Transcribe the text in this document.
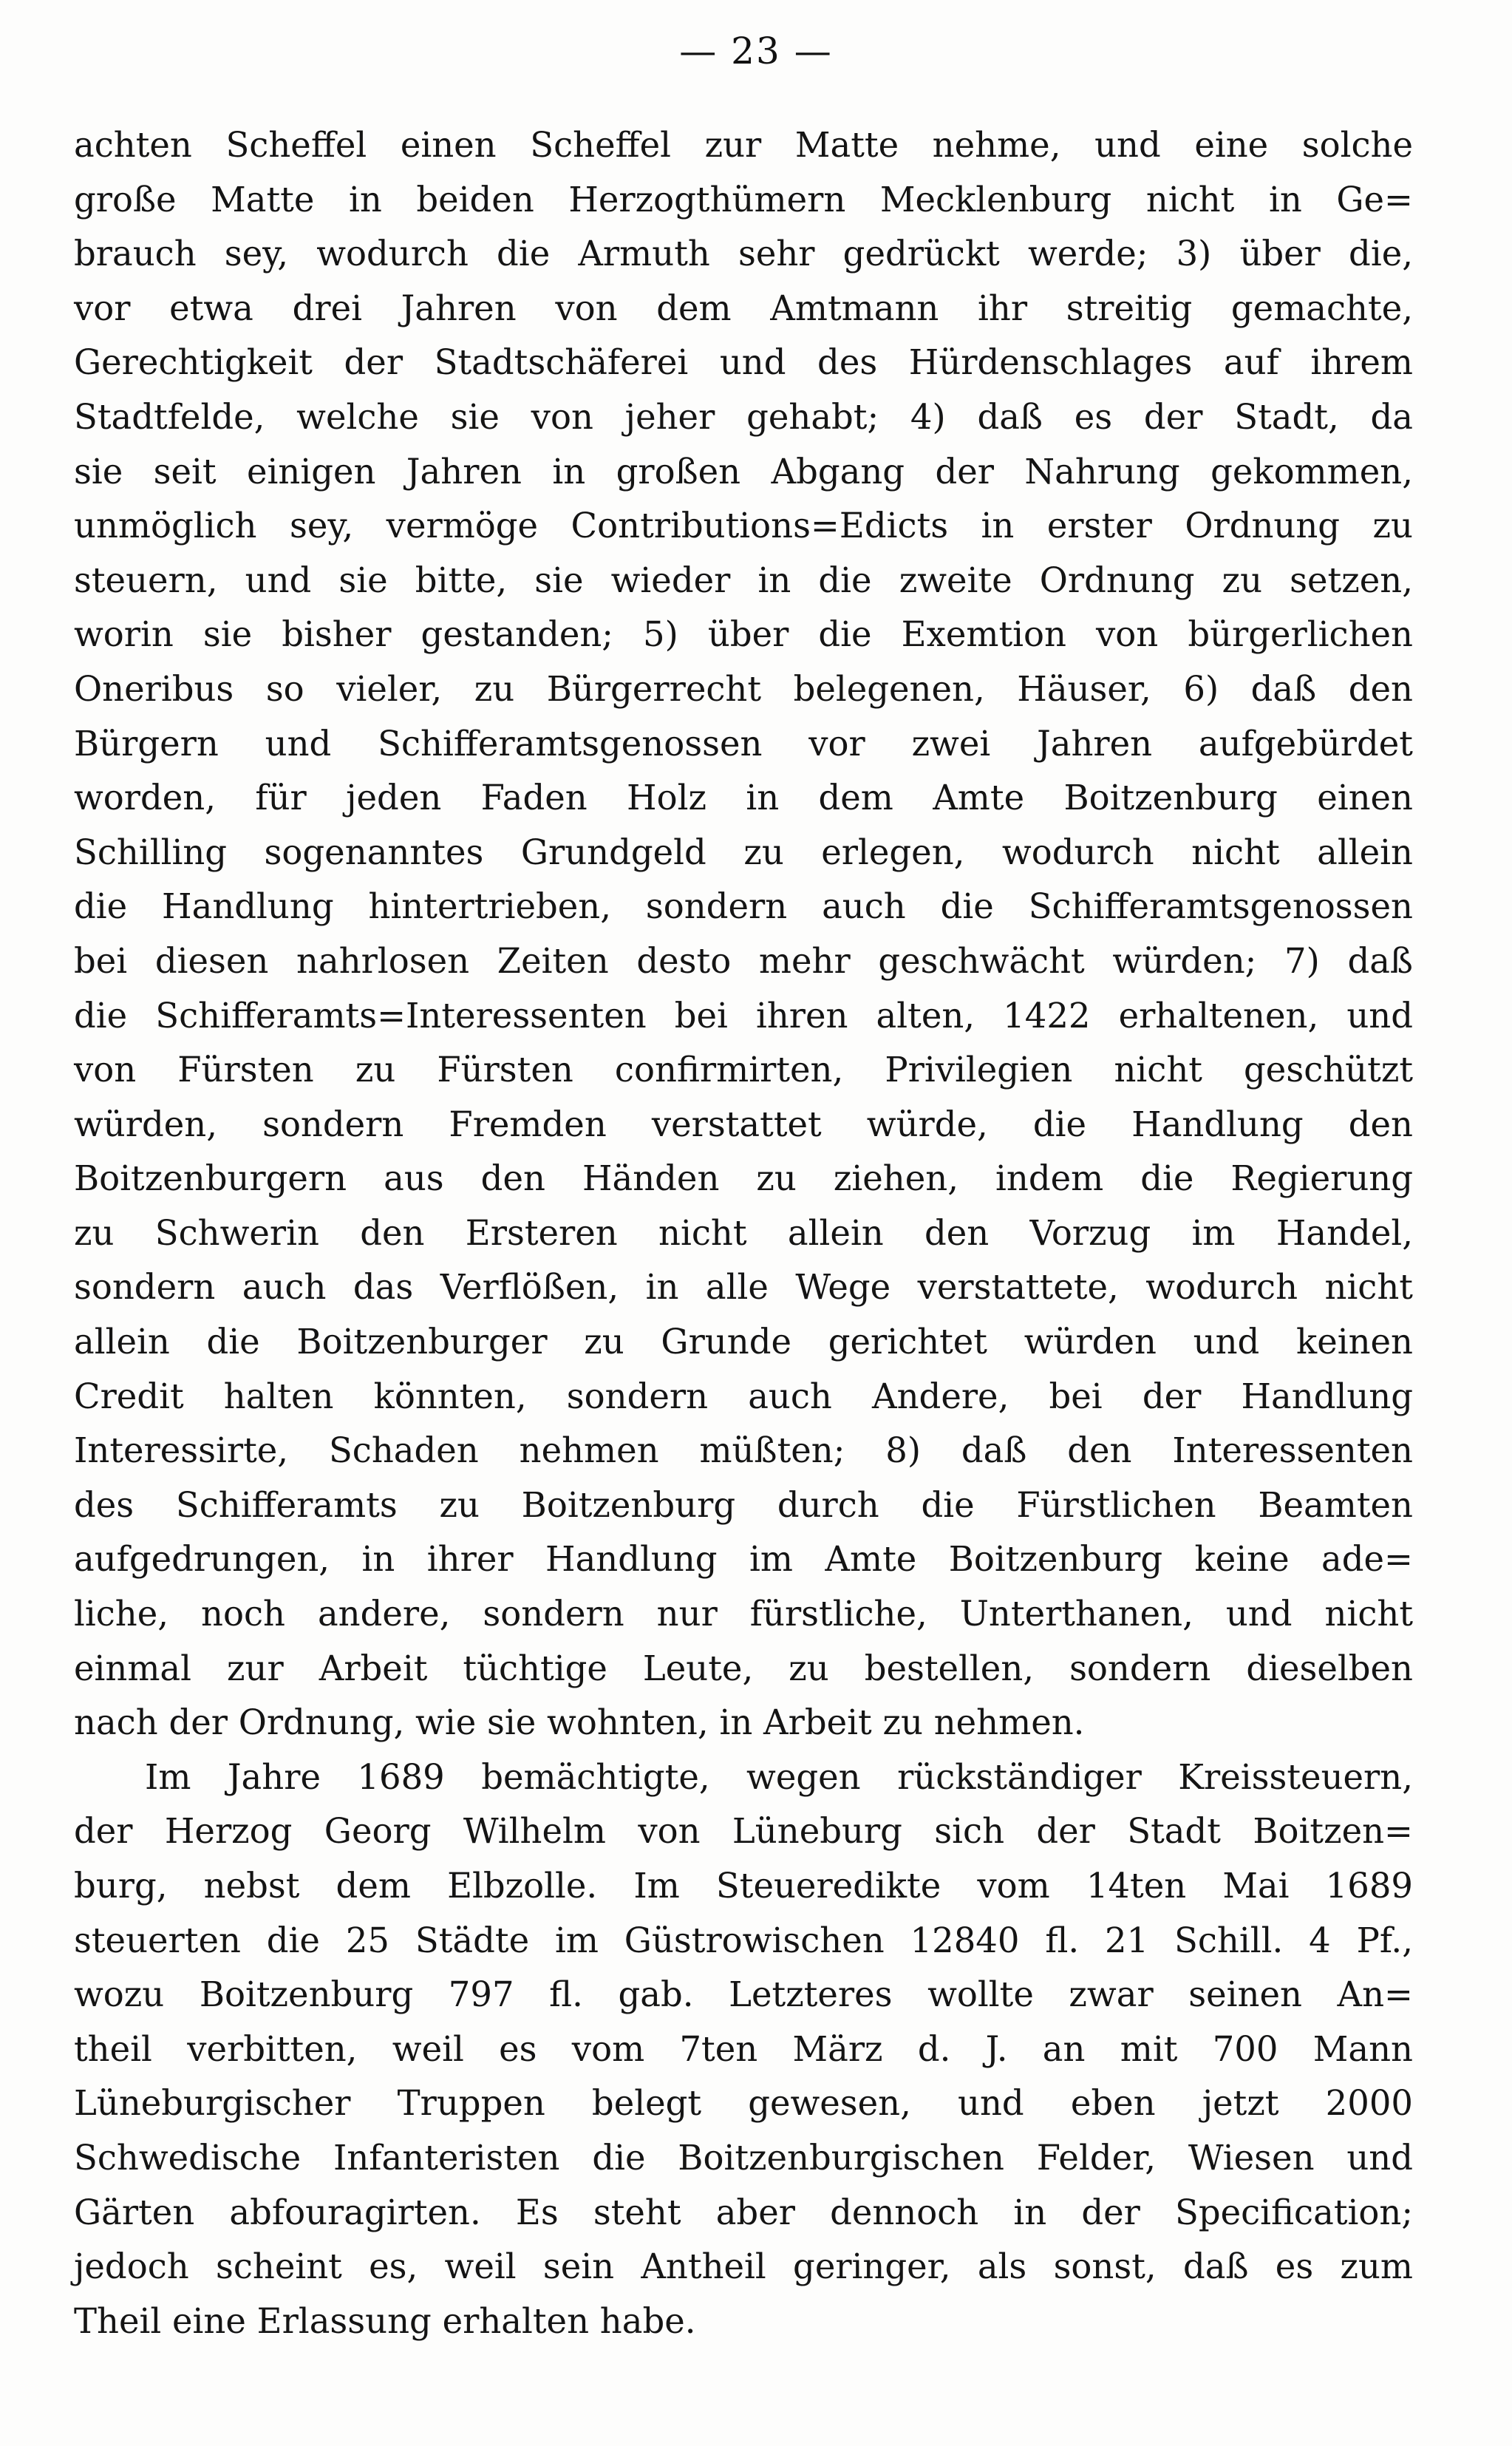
— 23 —
achten Scheffel einen Scheffel zur Matte nehme, und eine solche
große Matte in beiden Herzogthümern Mecklenburg nicht in Ge=
brauch sey, wodurch die Armuth sehr gedrückt werde; 3) über die,
vor etwa drei Jahren von dem Amtmann ihr streitig gemachte,
Gerechtigkeit der Stadtschäferei und des Hürdenschlages auf ihrem
Stadtfelde, welche sie von jeher gehabt; 4) daß es der Stadt, da
sie seit einigen Jahren in großen Abgang der Nahrung gekommen,
unmöglich sey, vermöge Contributions=Edicts in erster Ordnung zu
steuern, und sie bitte, sie wieder in die zweite Ordnung zu setzen,
worin sie bisher gestanden; 5) über die Exemtion von bürgerlichen
Oneribus so vieler, zu Bürgerrecht belegenen, Häuser, 6) daß den
Bürgern und Schifferamtsgenossen vor zwei Jahren aufgebürdet
worden, für jeden Faden Holz in dem Amte Boitzenburg einen
Schilling sogenanntes Grundgeld zu erlegen, wodurch nicht allein
die Handlung hintertrieben, sondern auch die Schifferamtsgenossen
bei diesen nahrlosen Zeiten desto mehr geschwächt würden; 7) daß
die Schifferamts=Interessenten bei ihren alten, 1422 erhaltenen, und
von Fürsten zu Fürsten confirmirten, Privilegien nicht geschützt
würden, sondern Fremden verstattet würde, die Handlung den
Boitzenburgern aus den Händen zu ziehen, indem die Regierung
zu Schwerin den Ersteren nicht allein den Vorzug im Handel,
sondern auch das Verflößen, in alle Wege verstattete, wodurch nicht
allein die Boitzenburger zu Grunde gerichtet würden und keinen
Credit halten könnten, sondern auch Andere, bei der Handlung
Interessirte, Schaden nehmen müßten; 8) daß den Interessenten
des Schifferamts zu Boitzenburg durch die Fürstlichen Beamten
aufgedrungen, in ihrer Handlung im Amte Boitzenburg keine ade=
liche, noch andere, sondern nur fürstliche, Unterthanen, und nicht
einmal zur Arbeit tüchtige Leute, zu bestellen, sondern dieselben
nach der Ordnung, wie sie wohnten, in Arbeit zu nehmen.
Im Jahre 1689 bemächtigte, wegen rückständiger Kreissteuern,
der Herzog Georg Wilhelm von Lüneburg sich der Stadt Boitzen=
burg, nebst dem Elbzolle. Im Steueredikte vom 14ten Mai 1689
steuerten die 25 Städte im Güstrowischen 12840 fl. 21 Schill. 4 Pf.,
wozu Boitzenburg 797 fl. gab. Letzteres wollte zwar seinen An=
theil verbitten, weil es vom 7ten März d. J. an mit 700 Mann
Lüneburgischer Truppen belegt gewesen, und eben jetzt 2000
Schwedische Infanteristen die Boitzenburgischen Felder, Wiesen und
Gärten abfouragirten. Es steht aber dennoch in der Specification;
jedoch scheint es, weil sein Antheil geringer, als sonst, daß es zum
Theil eine Erlassung erhalten habe.
